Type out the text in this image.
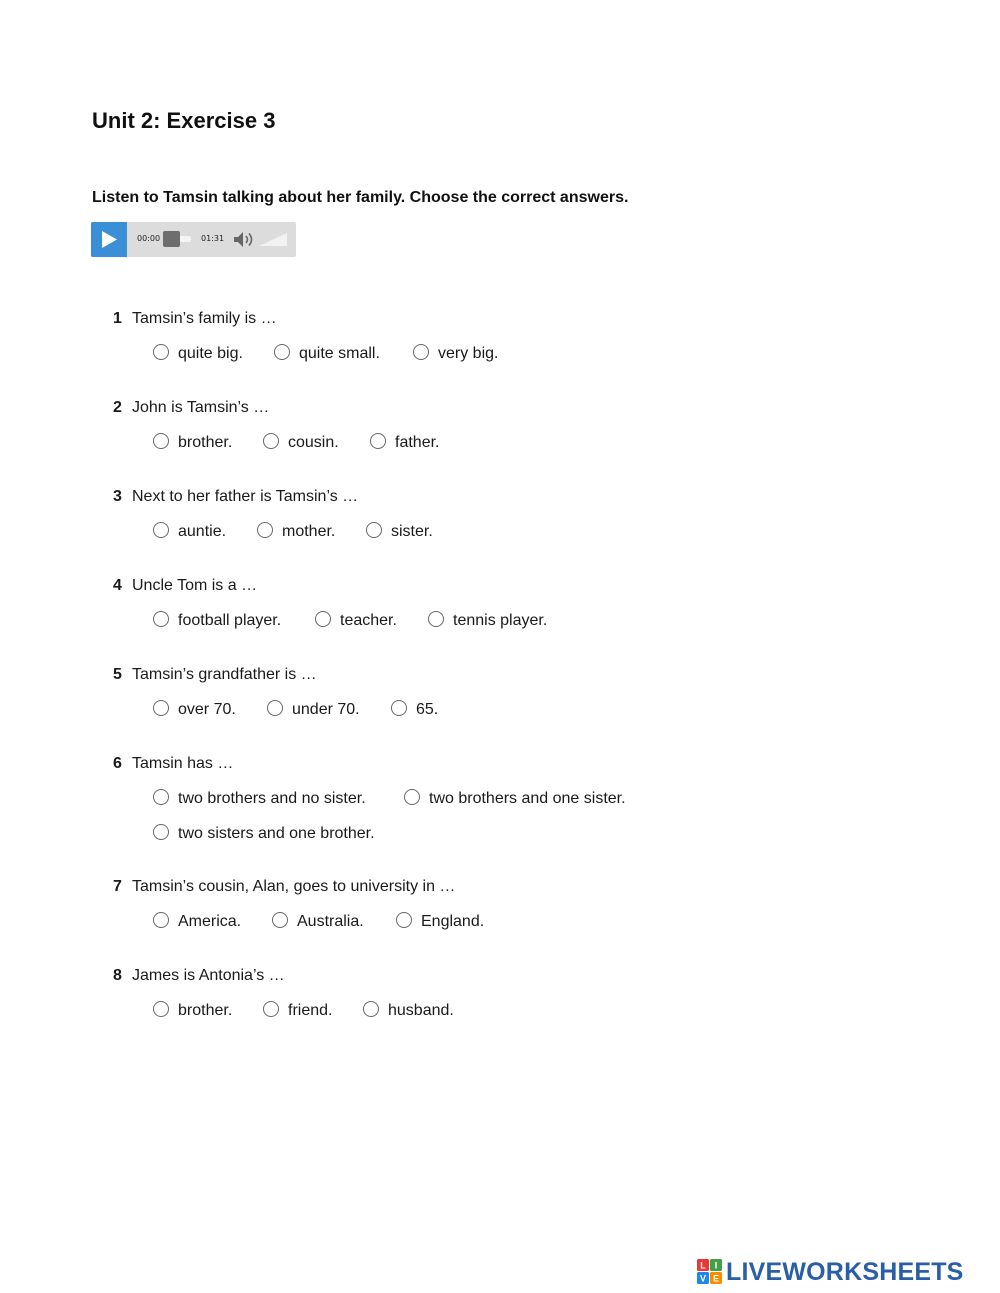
Unit 2: Exercise 3

Listen to Tamsin talking about her family. Choose the correct answers.

00:00	01:31
1 Tamsin’s family is …
quite big.	quite small.	very big.
2 John is Tamsin’s …
brother.	cousin.	father.
3 Next to her father is Tamsin’s …
auntie.	mother.	sister.
4 Uncle Tom is a …
football player.	teacher.	tennis player.
5 Tamsin’s grandfather is …
over 70.	under 70.	65.
6 Tamsin has …
two brothers and no sister.	two brothers and one sister.
two sisters and one brother.
7 Tamsin’s cousin, Alan, goes to university in …
America.	Australia.	England.
8 James is Antonia’s …
brother.	friend.	husband.
L I
V E LIVEWORKSHEETS
